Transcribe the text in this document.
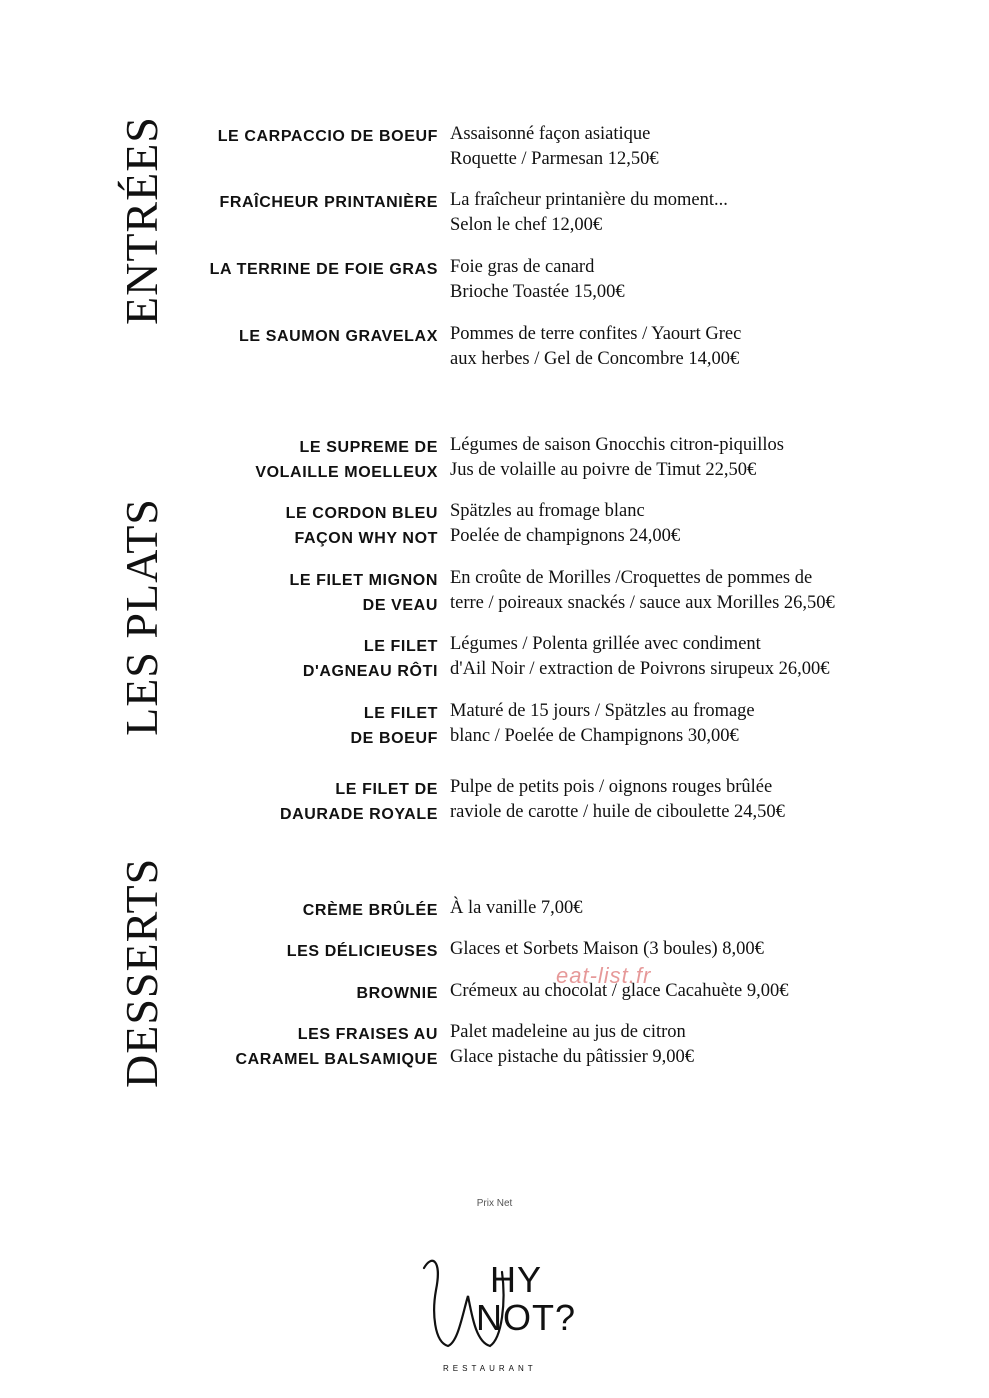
ENTRÉES
LES PLATS
DESSERTS
LE CARPACCIO DE BOEUF Assaisonné façon asiatique
Roquette / Parmesan 12,50€
FRAÎCHEUR PRINTANIÈRE La fraîcheur printanière du moment...
Selon le chef 12,00€
LA TERRINE DE FOIE GRAS Foie gras de canard
Brioche Toastée 15,00€
LE SAUMON GRAVELAX Pommes de terre confites / Yaourt Grec
aux herbes / Gel de Concombre 14,00€
LE SUPREME DE
VOLAILLE MOELLEUX
Légumes de saison Gnocchis citron-piquillos
Jus de volaille au poivre de Timut 22,50€
LE CORDON BLEU
FAÇON WHY NOT
Spätzles au fromage blanc
Poelée de champignons 24,00€
LE FILET MIGNON
DE VEAU
En croûte de Morilles /Croquettes de pommes de
terre / poireaux snackés / sauce aux Morilles 26,50€
LE FILET
D'AGNEAU RÔTI
Légumes / Polenta grillée avec condiment
d'Ail Noir / extraction de Poivrons sirupeux 26,00€
LE FILET
DE BOEUF
Maturé de 15 jours / Spätzles au fromage
blanc / Poelée de Champignons 30,00€
LE FILET DE
DAURADE ROYALE
Pulpe de petits pois / oignons rouges brûlée
raviole de carotte / huile de ciboulette 24,50€
CRÈME BRÛLÉE À la vanille 7,00€
LES DÉLICIEUSES Glaces et Sorbets Maison (3 boules) 8,00€
BROWNIE Crémeux au chocolat / glace Cacahuète 9,00€
LES FRAISES AU
CARAMEL BALSAMIQUE
Palet madeleine au jus de citron
Glace pistache du pâtissier 9,00€
eat-list.fr
Prix Net
HY
NOT?
RESTAURANT
